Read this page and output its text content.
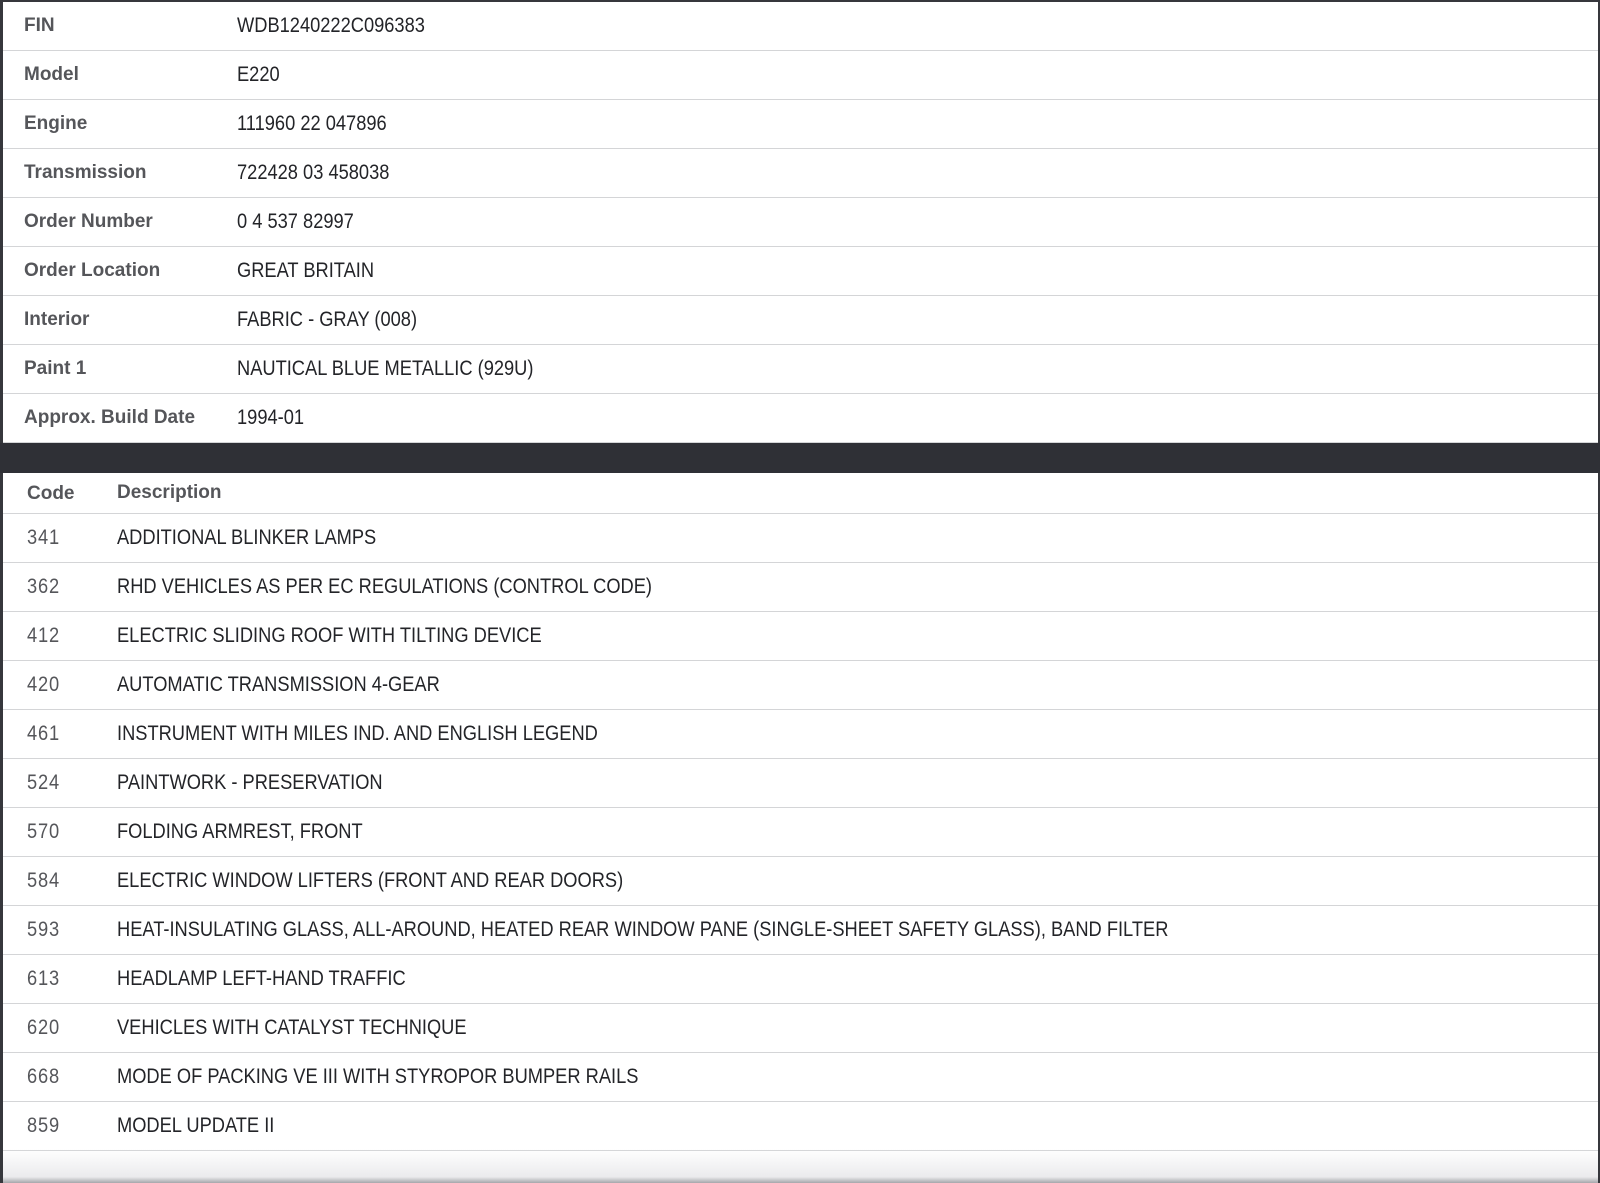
FIN	WDB1240222C096383
Model	E220
Engine	111960 22 047896
Transmission	722428 03 458038
Order Number	0 4 537 82997
Order Location	GREAT BRITAIN
Interior	FABRIC - GRAY (008)
Paint 1	NAUTICAL BLUE METALLIC (929U)
Approx. Build Date	1994-01
Code	Description
341	ADDITIONAL BLINKER LAMPS
362	RHD VEHICLES AS PER EC REGULATIONS (CONTROL CODE)
412	ELECTRIC SLIDING ROOF WITH TILTING DEVICE
420	AUTOMATIC TRANSMISSION 4-GEAR
461	INSTRUMENT WITH MILES IND. AND ENGLISH LEGEND
524	PAINTWORK - PRESERVATION
570	FOLDING ARMREST, FRONT
584	ELECTRIC WINDOW LIFTERS (FRONT AND REAR DOORS)
593	HEAT-INSULATING GLASS, ALL-AROUND, HEATED REAR WINDOW PANE (SINGLE-SHEET SAFETY GLASS), BAND FILTER
613	HEADLAMP LEFT-HAND TRAFFIC
620	VEHICLES WITH CATALYST TECHNIQUE
668	MODE OF PACKING VE III WITH STYROPOR BUMPER RAILS
859	MODEL UPDATE II
